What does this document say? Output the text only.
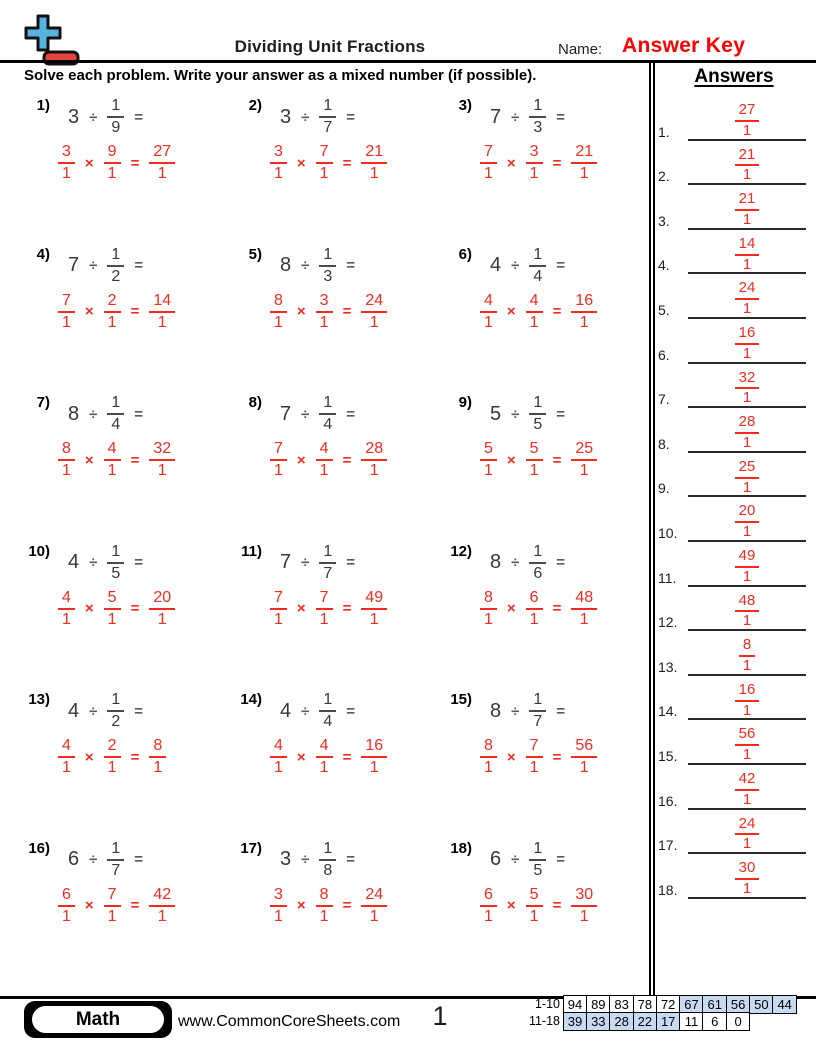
Dividing Unit Fractions	Name: Answer Key
Solve each problem. Write your answer as a mixed number (if possible).
1) $3 \div \frac{1}{9}$ =
$\frac{3}{1} \times \frac{9}{1} = \frac{27}{1}$
2) $3 \div \frac{1}{7}$ =
$\frac{3}{1} \times \frac{7}{1} = \frac{21}{1}$
3) $7 \div \frac{1}{3}$ =
$\frac{7}{1} \times \frac{3}{1} = \frac{21}{1}$
4) $7 \div \frac{1}{2}$ =
$\frac{7}{1} \times \frac{2}{1} = \frac{14}{1}$
5) $8 \div \frac{1}{3}$ =
$\frac{8}{1} \times \frac{3}{1} = \frac{24}{1}$
6) $4 \div \frac{1}{4}$ =
$\frac{4}{1} \times \frac{4}{1} = \frac{16}{1}$
7) $8 \div \frac{1}{4}$ =
$\frac{8}{1} \times \frac{4}{1} = \frac{32}{1}$
8) $7 \div \frac{1}{4}$ =
$\frac{7}{1} \times \frac{4}{1} = \frac{28}{1}$
9) $5 \div \frac{1}{5}$ =
$\frac{5}{1} \times \frac{5}{1} = \frac{25}{1}$
10) $4 \div \frac{1}{5}$ =
$\frac{4}{1} \times \frac{5}{1} = \frac{20}{1}$
11) $7 \div \frac{1}{7}$ =
$\frac{7}{1} \times \frac{7}{1} = \frac{49}{1}$
12) $8 \div \frac{1}{6}$ =
$\frac{8}{1} \times \frac{6}{1} = \frac{48}{1}$
13) $4 \div \frac{1}{2}$ =
$\frac{4}{1} \times \frac{2}{1} = \frac{8}{1}$
14) $4 \div \frac{1}{4}$ =
$\frac{4}{1} \times \frac{4}{1} = \frac{16}{1}$
15) $8 \div \frac{1}{7}$ =
$\frac{8}{1} \times \frac{7}{1} = \frac{56}{1}$
16) $6 \div \frac{1}{7}$ =
$\frac{6}{1} \times \frac{7}{1} = \frac{42}{1}$
17) $3 \div \frac{1}{8}$ =
$\frac{3}{1} \times \frac{8}{1} = \frac{24}{1}$
18) $6 \div \frac{1}{5}$ =
$\frac{6}{1} \times \frac{5}{1} = \frac{30}{1}$
Answers
1.	$\frac{27}{1}$
2.	$\frac{21}{1}$
3.	$\frac{21}{1}$
4.	$\frac{14}{1}$
5.	$\frac{24}{1}$
6.	$\frac{16}{1}$
7.	$\frac{32}{1}$
8.	$\frac{28}{1}$
9.	$\frac{25}{1}$
10.	$\frac{20}{1}$
11.	$\frac{49}{1}$
12.	$\frac{48}{1}$
13.	$\frac{8}{1}$
14.	$\frac{16}{1}$
15.	$\frac{56}{1}$
16.	$\frac{42}{1}$
17.	$\frac{24}{1}$
18.	$\frac{30}{1}$
Math	www.CommonCoreSheets.com	1	1-10 94 89 83 78 72 67 61 56 50 44
11-18 39 33 28 22 17 11 6	0
